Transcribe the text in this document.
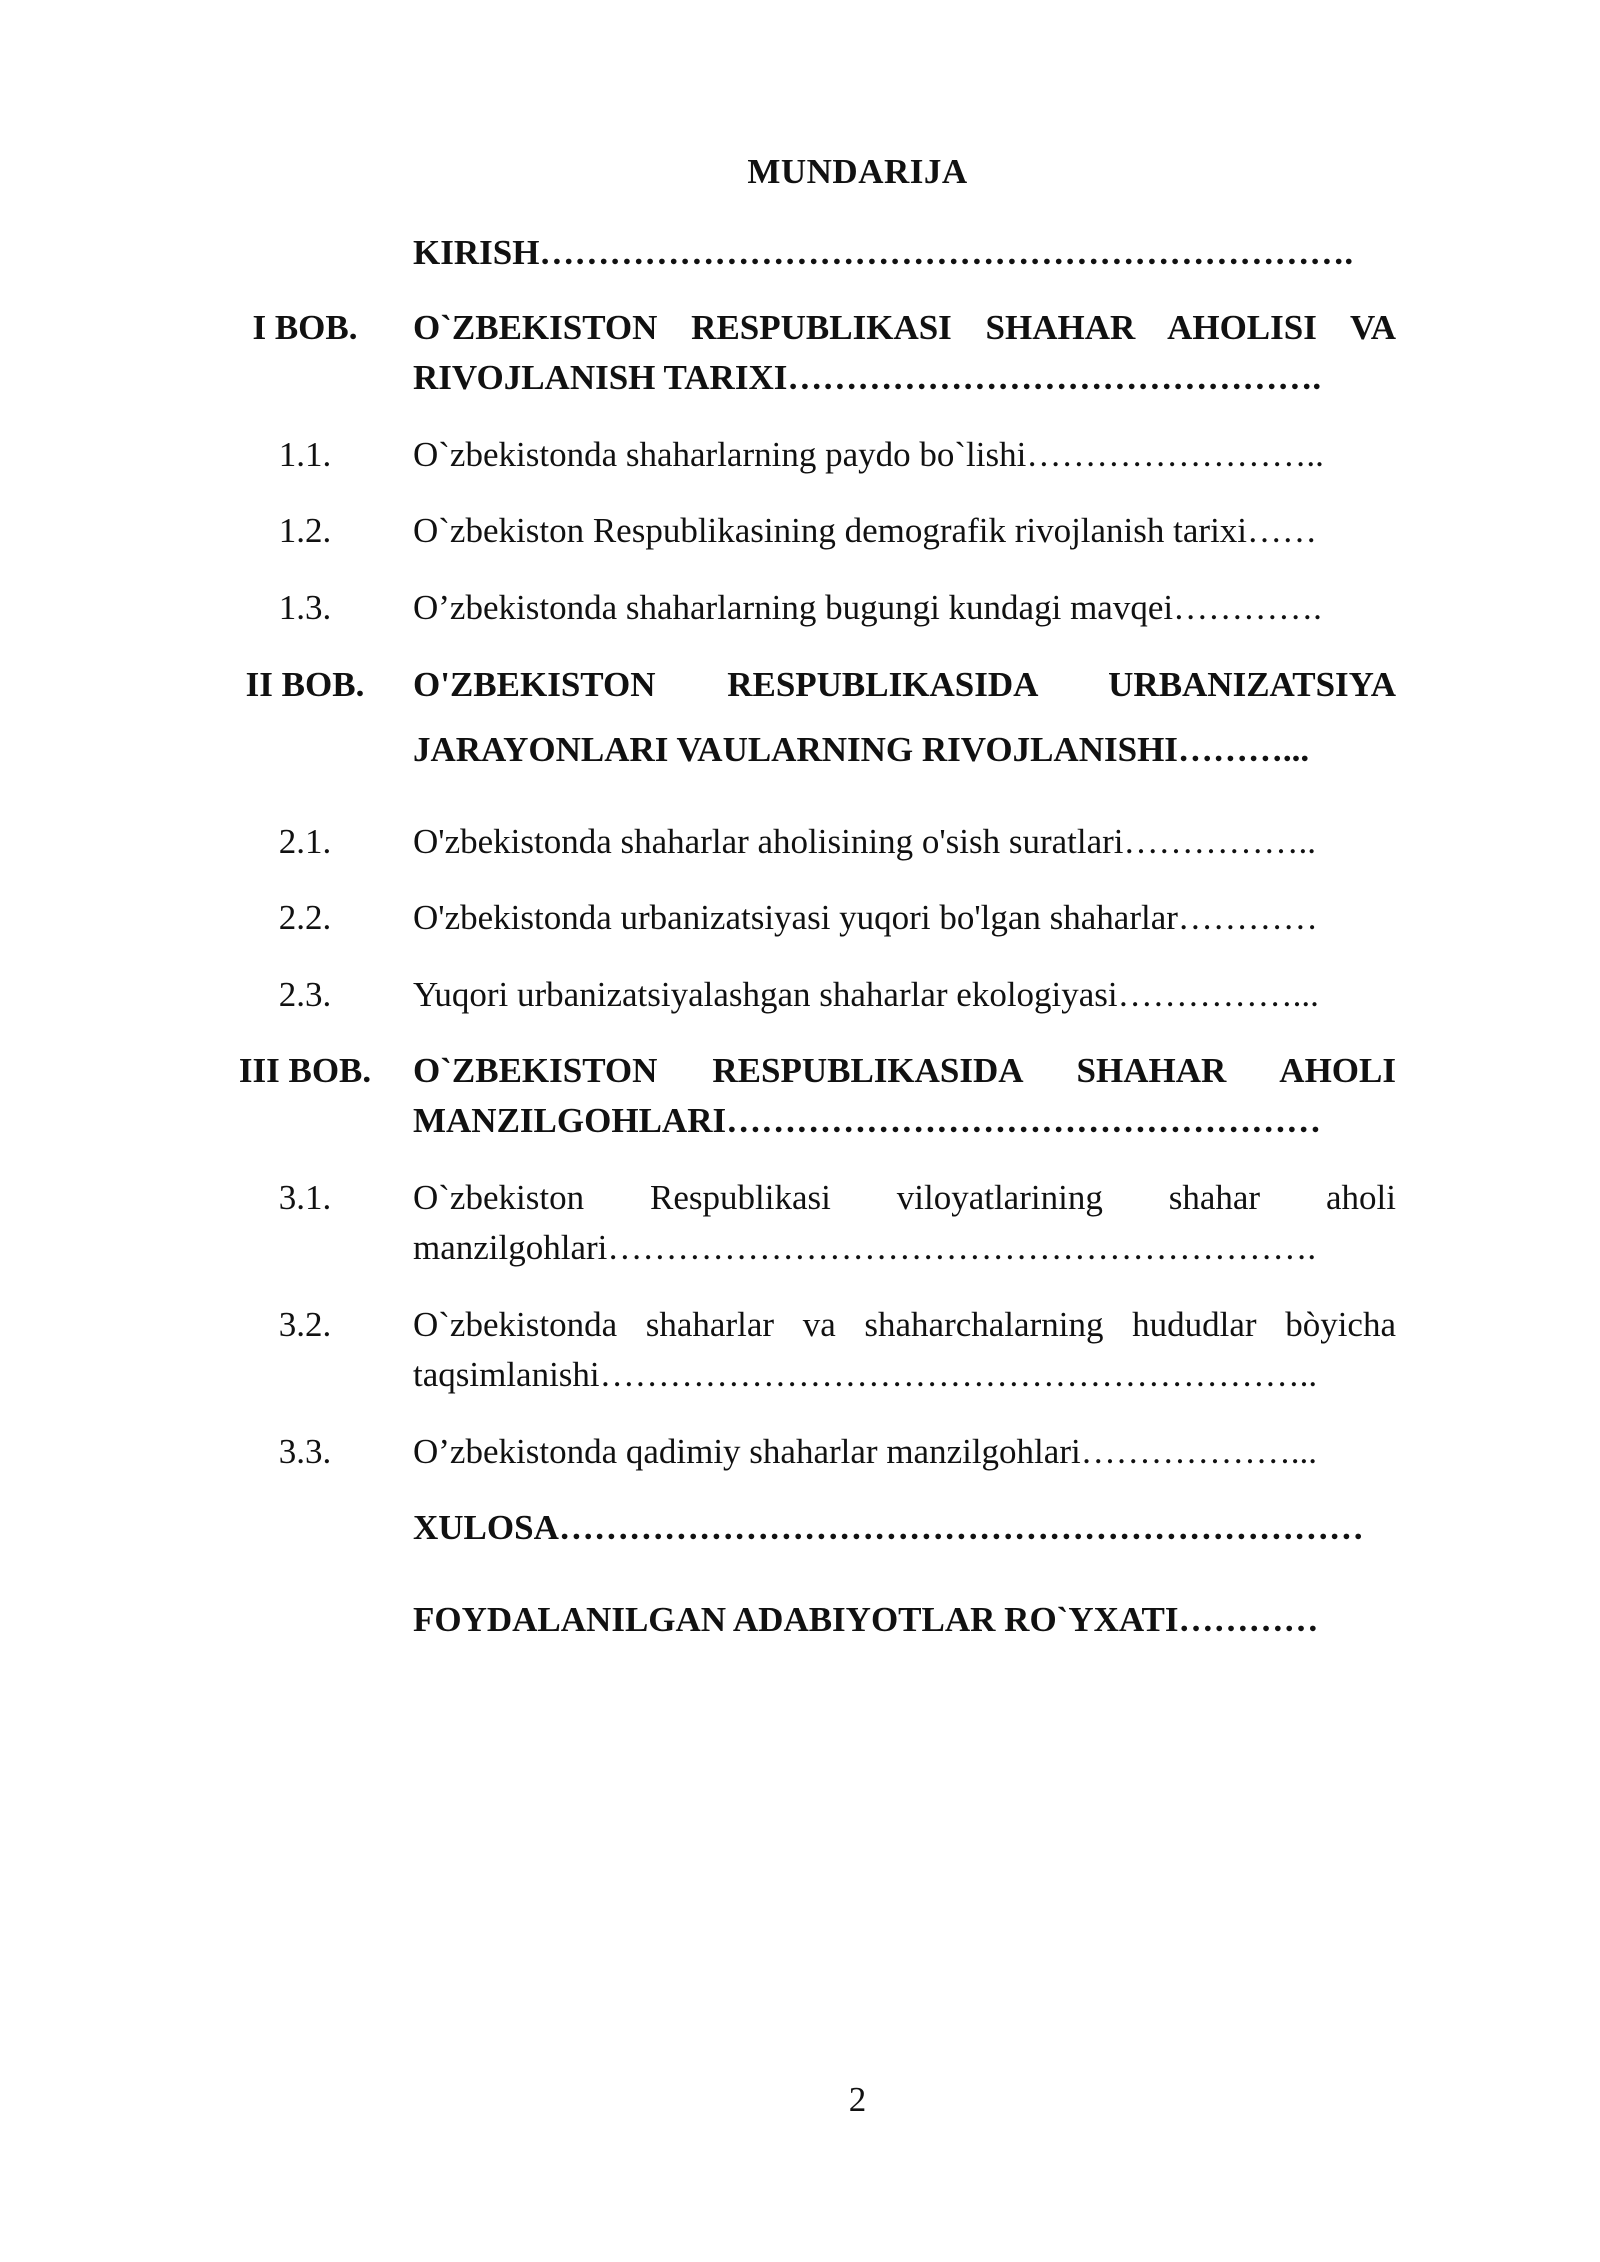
MUNDARIJA
KIRISH…………………………………………………………….
I BOB.	O`ZBEKISTON RESPUBLIKASI SHAHAR AHOLISI VA
RIVOJLANISH TARIXI……………………………………….
1.1.	O`zbekistonda shaharlarning paydo bo`lishi……………………..
1.2.	O`zbekiston Respublikasining demografik rivojlanish tarixi……
1.3.	O’zbekistonda shaharlarning bugungi kundagi mavqei………….
II BOB.	O'ZBEKISTON RESPUBLIKASIDA URBANIZATSIYA
JARAYONLARI VAULARNING RIVOJLANISHI………...
2.1.	O'zbekistonda shaharlar aholisining o'sish suratlari……………..
2.2.	O'zbekistonda urbanizatsiyasi yuqori bo'lgan shaharlar…………
2.3.	Yuqori urbanizatsiyalashgan shaharlar ekologiyasi……………...
III BOB. O`ZBEKISTON RESPUBLIKASIDA SHAHAR AHOLI
MANZILGOHLARI……………………………………………
3.1.	O`zbekiston Respublikasi viloyatlarining shahar aholi
manzilgohlari…………………………………………………….
3.2.	O`zbekistonda shaharlar va shaharchalarning hududlar bòyicha
taqsimlanishi……………………………………………………..
3.3.	O’zbekistonda qadimiy shaharlar manzilgohlari………………...
XULOSA……………………………………………………………
FOYDALANILGAN ADABIYOTLAR RO`YXATI…………
2
